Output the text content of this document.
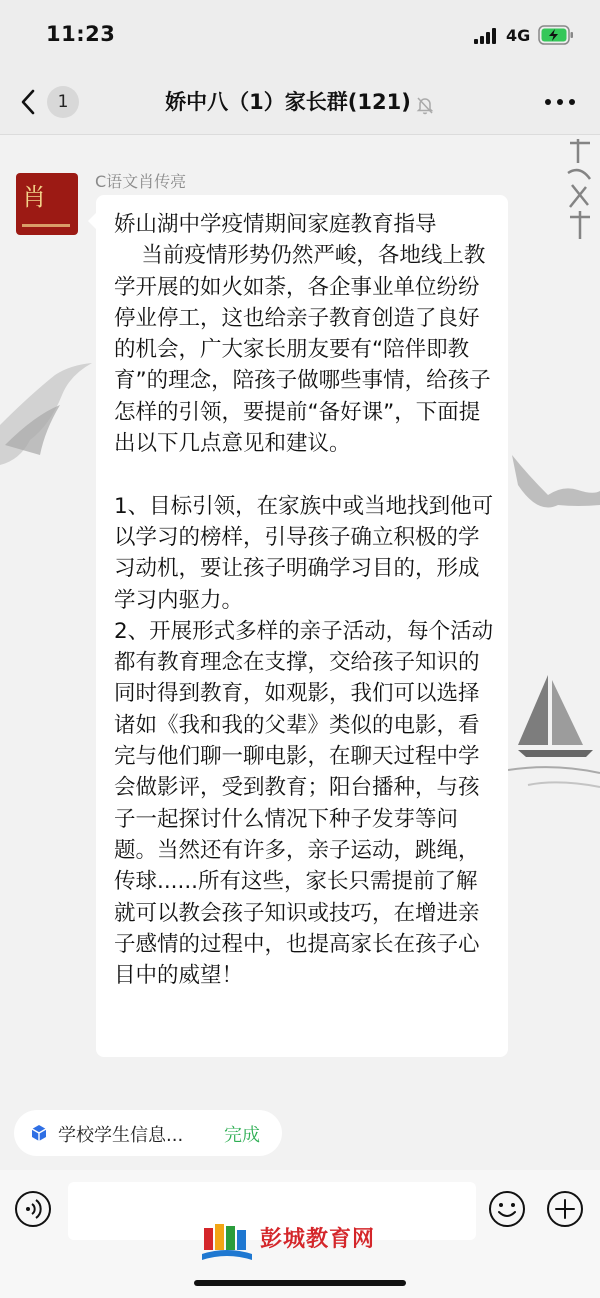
11:23	4G
娇中八（1）家长群(121)
1
肖
C语文肖传亮
娇山湖中学疫情期间家庭教育指导
当前疫情形势仍然严峻，各地线上教学开展的如火如荼，各企事业单位纷纷停业停工，这也给亲子教育创造了良好的机会，广大家长朋友要有“陪伴即教育”的理念，陪孩子做哪些事情，给孩子怎样的引领，要提前“备好课”，下面提出以下几点意见和建议。

1、目标引领，在家族中或当地找到他可以学习的榜样，引导孩子确立积极的学习动机，要让孩子明确学习目的，形成学习内驱力。
2、开展形式多样的亲子活动，每个活动都有教育理念在支撑，交给孩子知识的同时得到教育，如观影，我们可以选择诸如《我和我的父辈》类似的电影，看完与他们聊一聊电影，在聊天过程中学会做影评，受到教育；阳台播种，与孩子一起探讨什么情况下种子发芽等问题。当然还有许多，亲子运动，跳绳，传球......所有这些，家长只需提前了解就可以教会孩子知识或技巧，在增进亲子感情的过程中，也提高家长在孩子心目中的威望！
学校学生信息... 完成
彭城教育网
